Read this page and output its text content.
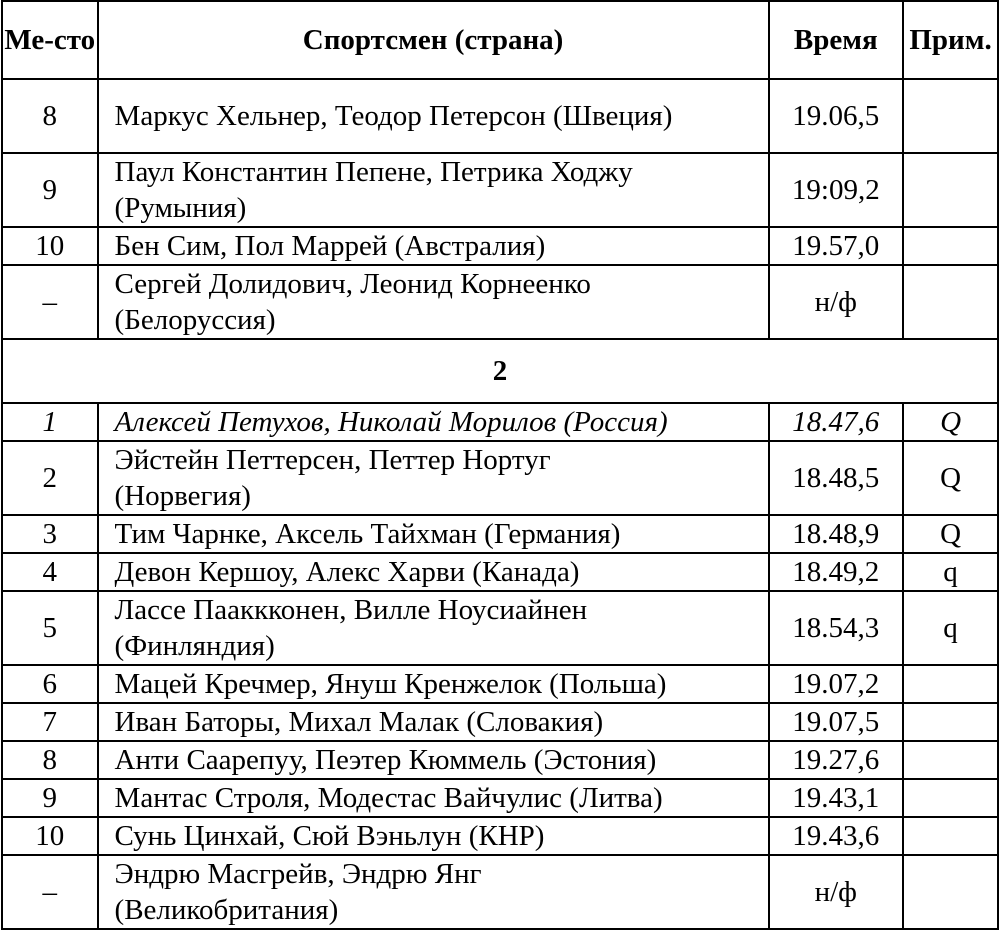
Ме-сто	Спортсмен (страна)	Время	Прим.
8	Маркус Хельнер, Теодор Петерсон (Швеция)	19.06,5	
9	Паул Константин Пепене, Петрика Ходжу (Румыния)	19:09,2	
10	Бен Сим, Пол Маррей (Австралия)	19.57,0	
–	Сергей Долидович, Леонид Корнеенко (Белоруссия)	н/ф	
2			
1	Алексей Петухов, Николай Морилов (Россия)	18.47,6	Q
2	Эйстейн Петтерсен, Петтер Нортуг (Норвегия)	18.48,5	Q
3	Тим Чарнке, Аксель Тайхман (Германия)	18.48,9	Q
4	Девон Кершоу, Алекс Харви (Канада)	18.49,2	q
5	Лассе Пааккконен, Вилле Ноусиайнен (Финляндия)	18.54,3	q
6	Мацей Кречмер, Януш Кренжелок (Польша)	19.07,2	
7	Иван Баторы, Михал Малак (Словакия)	19.07,5	
8	Анти Саарепуу, Пеэтер Кюммель (Эстония)	19.27,6	
9	Мантас Строля, Модестас Вайчулис (Литва)	19.43,1	
10	Сунь Цинхай, Сюй Вэньлун (КНР)	19.43,6	
–	Эндрю Масгрейв, Эндрю Янг (Великобритания)	н/ф	
